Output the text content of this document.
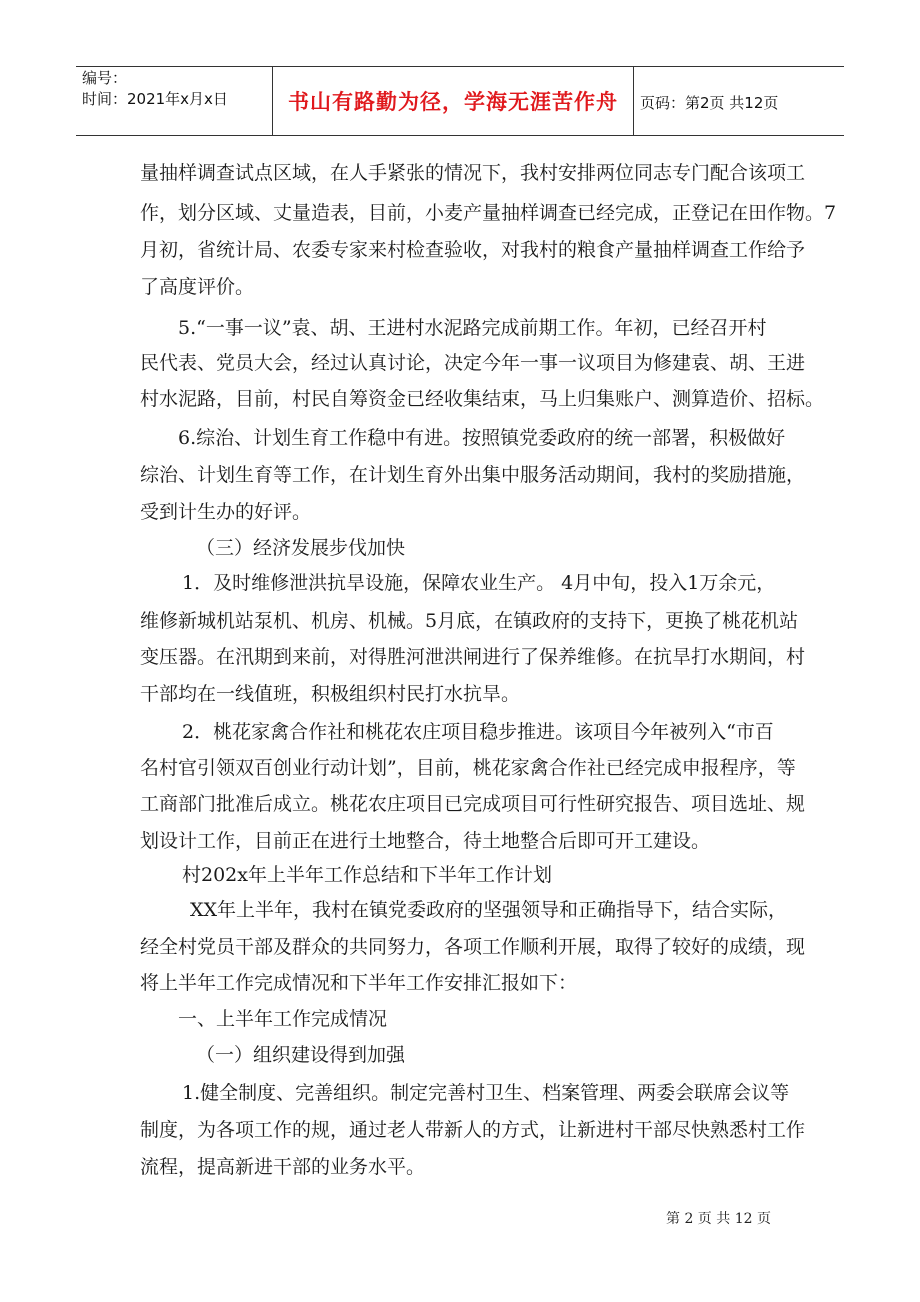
编号：
时间：2021年x月x日	书山有路勤为径，学海无涯苦作舟	页码：第2页 共12页
量抽样调查试点区域，在人手紧张的情况下，我村安排两位同志专门配合该项工
作，划分区域、丈量造表，目前，小麦产量抽样调查已经完成，正登记在田作物。7
月初，省统计局、农委专家来村检查验收，对我村的粮食产量抽样调查工作给予
了高度评价。
5.“一事一议”袁、胡、王进村水泥路完成前期工作。年初，已经召开村
民代表、党员大会，经过认真讨论，决定今年一事一议项目为修建袁、胡、王进
村水泥路，目前，村民自筹资金已经收集结束，马上归集账户、测算造价、招标。
6.综治、计划生育工作稳中有进。按照镇党委政府的统一部署，积极做好
综治、计划生育等工作，在计划生育外出集中服务活动期间，我村的奖励措施，
受到计生办的好评。
（三）经济发展步伐加快
1．及时维修泄洪抗旱设施，保障农业生产。 4月中旬，投入1万余元，
维修新城机站泵机、机房、机械。5月底，在镇政府的支持下，更换了桃花机站
变压器。在汛期到来前，对得胜河泄洪闸进行了保养维修。在抗旱打水期间，村
干部均在一线值班，积极组织村民打水抗旱。
2．桃花家禽合作社和桃花农庄项目稳步推进。该项目今年被列入“市百
名村官引领双百创业行动计划”，目前，桃花家禽合作社已经完成申报程序，等
工商部门批准后成立。桃花农庄项目已完成项目可行性研究报告、项目选址、规
划设计工作，目前正在进行土地整合，待土地整合后即可开工建设。
村202x年上半年工作总结和下半年工作计划
XX年上半年，我村在镇党委政府的坚强领导和正确指导下，结合实际，
经全村党员干部及群众的共同努力，各项工作顺利开展，取得了较好的成绩，现
将上半年工作完成情况和下半年工作安排汇报如下：
一、上半年工作完成情况
（一）组织建设得到加强
1.健全制度、完善组织。制定完善村卫生、档案管理、两委会联席会议等
制度，为各项工作的规，通过老人带新人的方式，让新进村干部尽快熟悉村工作
流程，提高新进干部的业务水平。
第 2 页 共 12 页
